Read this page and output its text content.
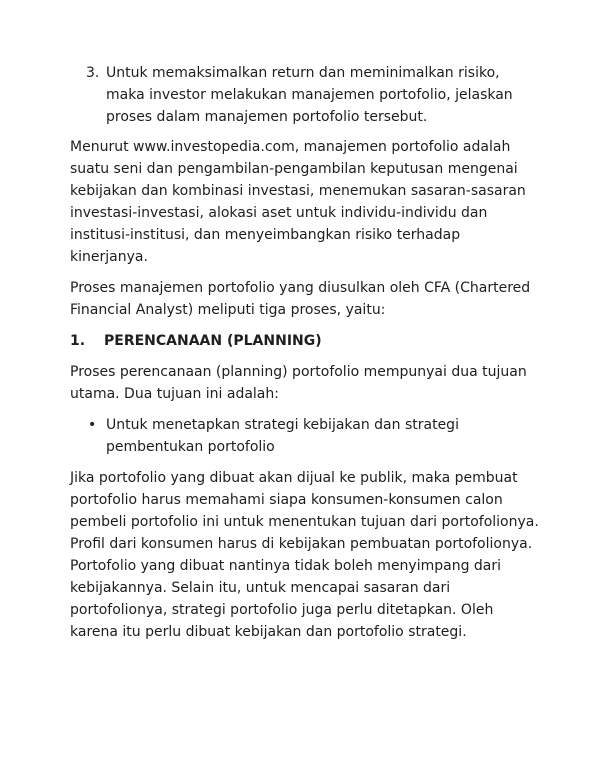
3. Untuk memaksimalkan return dan meminimalkan risiko, maka investor melakukan manajemen portofolio, jelaskan proses dalam manajemen portofolio tersebut.

Menurut www.investopedia.com, manajemen portofolio adalah suatu seni dan pengambilan-pengambilan keputusan mengenai kebijakan dan kombinasi investasi, menemukan sasaran-sasaran investasi-investasi, alokasi aset untuk individu-individu dan institusi-institusi, dan menyeimbangkan risiko terhadap kinerjanya.

Proses manajemen portofolio yang diusulkan oleh CFA (Chartered Financial Analyst) meliputi tiga proses, yaitu:

1.	PERENCANAAN (PLANNING)

Proses perencanaan (planning) portofolio mempunyai dua tujuan utama. Dua tujuan ini adalah:

• Untuk menetapkan strategi kebijakan dan strategi pembentukan portofolio

Jika portofolio yang dibuat akan dijual ke publik, maka pembuat portofolio harus memahami siapa konsumen-konsumen calon pembeli portofolio ini untuk menentukan tujuan dari portofolionya. Profil dari konsumen harus di kebijakan pembuatan portofolionya. Portofolio yang dibuat nantinya tidak boleh menyimpang dari kebijakannya. Selain itu, untuk mencapai sasaran dari portofolionya, strategi portofolio juga perlu ditetapkan. Oleh karena itu perlu dibuat kebijakan dan portofolio strategi.
